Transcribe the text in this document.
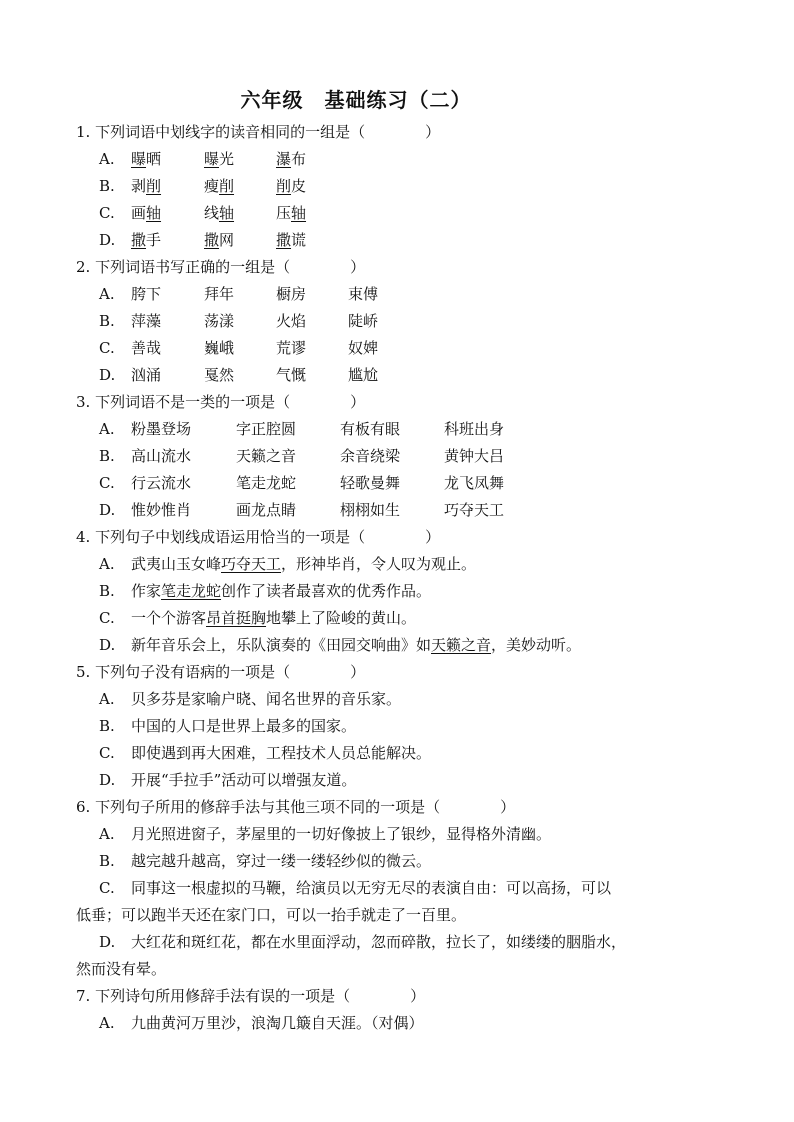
六年级　基础练习（二）
1. 下列词语中划线字的读音相同的一组是（　　　　）
A. 曝晒	曝光	瀑布
B. 剥削	瘦削	削皮
C. 画轴	线轴	压轴
D. 撒手	撒网	撒谎
2. 下列词语书写正确的一组是（　　　　）
A. 胯下	拜年	橱房	束傅
B. 萍藻	荡漾	火焰	陡峤
C. 善哉	巍峨	荒谬	奴婢
D. 汹涌	戛然	气慨	尴尬
3. 下列词语不是一类的一项是（　　　　）
A. 粉墨登场	字正腔圆	有板有眼	科班出身
B. 高山流水	天籁之音	余音绕梁	黄钟大吕
C. 行云流水	笔走龙蛇	轻歌曼舞	龙飞凤舞
D. 惟妙惟肖	画龙点睛	栩栩如生	巧夺天工
4. 下列句子中划线成语运用恰当的一项是（　　　　）
A. 武夷山玉女峰巧夺天工，形神毕肖，令人叹为观止。
B. 作家笔走龙蛇创作了读者最喜欢的优秀作品。
C. 一个个游客昂首挺胸地攀上了险峻的黄山。
D. 新年音乐会上，乐队演奏的《田园交响曲》如天籁之音，美妙动听。
5. 下列句子没有语病的一项是（　　　　）
A. 贝多芬是家喻户晓、闻名世界的音乐家。
B. 中国的人口是世界上最多的国家。
C. 即使遇到再大困难，工程技术人员总能解决。
D. 开展“手拉手”活动可以增强友道。
6. 下列句子所用的修辞手法与其他三项不同的一项是（　　　　）
A. 月光照进窗子，茅屋里的一切好像披上了银纱，显得格外清幽。
B. 越完越升越高，穿过一缕一缕轻纱似的微云。
C. 同事这一根虚拟的马鞭，给演员以无穷无尽的表演自由：可以高扬，可以
低垂；可以跑半天还在家门口，可以一抬手就走了一百里。
D. 大红花和斑红花，都在水里面浮动，忽而碎散，拉长了，如缕缕的胭脂水，
然而没有晕。
7. 下列诗句所用修辞手法有误的一项是（　　　　）
A. 九曲黄河万里沙，浪淘几簸自天涯。（对偶）
